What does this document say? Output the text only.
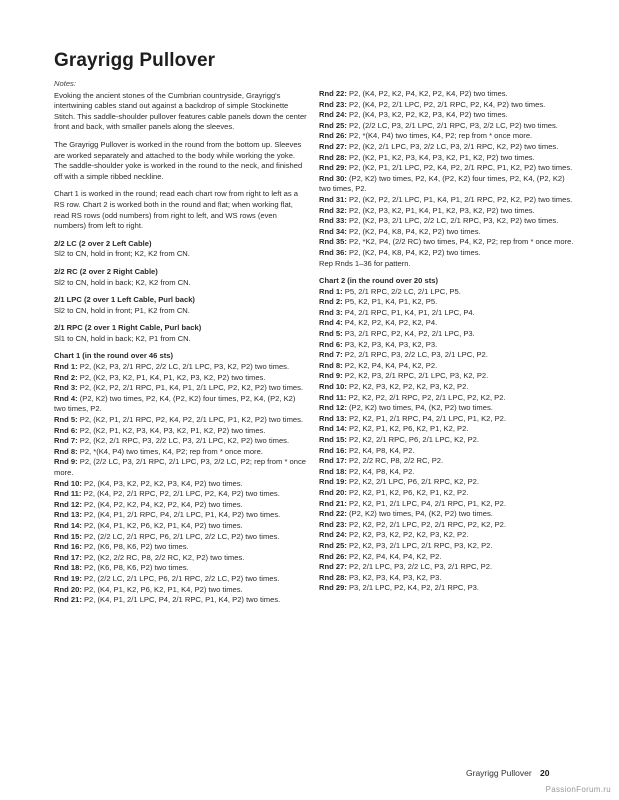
Grayrigg Pullover

Notes:

Evoking the ancient stones of the Cumbrian countryside, Grayrigg's intertwining cables stand out against a backdrop of simple Stockinette Stitch. This saddle-shoulder pullover features cable panels down the center front and back, with smaller panels along the sleeves.

The Grayrigg Pullover is worked in the round from the bottom up. Sleeves are worked separately and attached to the body while working the yoke. The saddle-shoulder yoke is worked in the round to the neck, and finished off with a simple ribbed neckline.

Chart 1 is worked in the round; read each chart row from right to left as a RS row. Chart 2 is worked both in the round and flat; when working flat, read RS rows (odd numbers) from right to left, and WS rows (even numbers) from left to right.

2/2 LC (2 over 2 Left Cable)
Sl2 to CN, hold in front; K2, K2 from CN.
2/2 RC (2 over 2 Right Cable)
Sl2 to CN, hold in back; K2, K2 from CN.
2/1 LPC (2 over 1 Left Cable, Purl back)
Sl2 to CN, hold in front; P1, K2 from CN.
2/1 RPC (2 over 1 Right Cable, Purl back)
Sl1 to CN, hold in back; K2, P1 from CN.
Chart 1 (in the round over 46 sts)
Rnd 1: P2, (K2, P3, 2/1 RPC, 2/2 LC, 2/1 LPC, P3, K2, P2) two times.
Rnd 2: P2, (K2, P3, K2, P1, K4, P1, K2, P3, K2, P2) two times.
Rnd 3: P2, (K2, P2, 2/1 RPC, P1, K4, P1, 2/1 LPC, P2, K2, P2) two times.
Rnd 4: (P2, K2) two times, P2, K4, (P2, K2) four times, P2, K4, (P2, K2) two times, P2.
Rnd 5: P2, (K2, P1, 2/1 RPC, P2, K4, P2, 2/1 LPC, P1, K2, P2) two times.
Rnd 6: P2, (K2, P1, K2, P3, K4, P3, K2, P1, K2, P2) two times.
Rnd 7: P2, (K2, 2/1 RPC, P3, 2/2 LC, P3, 2/1 LPC, K2, P2) two times.
Rnd 8: P2, *(K4, P4) two times, K4, P2; rep from * once more.
Rnd 9: P2, (2/2 LC, P3, 2/1 RPC, 2/1 LPC, P3, 2/2 LC, P2; rep from * once more.
Rnd 10: P2, (K4, P3, K2, P2, K2, P3, K4, P2) two times.
Rnd 11: P2, (K4, P2, 2/1 RPC, P2, 2/1 LPC, P2, K4, P2) two times.
Rnd 12: P2, (K4, P2, K2, P4, K2, P2, K4, P2) two times.
Rnd 13: P2, (K4, P1, 2/1 RPC, P4, 2/1 LPC, P1, K4, P2) two times.
Rnd 14: P2, (K4, P1, K2, P6, K2, P1, K4, P2) two times.
Rnd 15: P2, (2/2 LC, 2/1 RPC, P6, 2/1 LPC, 2/2 LC, P2) two times.
Rnd 16: P2, (K6, P8, K6, P2) two times.
Rnd 17: P2, (K2, 2/2 RC, P8, 2/2 RC, K2, P2) two times.
Rnd 18: P2, (K6, P8, K6, P2) two times.
Rnd 19: P2, (2/2 LC, 2/1 LPC, P6, 2/1 RPC, 2/2 LC, P2) two times.
Rnd 20: P2, (K4, P1, K2, P6, K2, P1, K4, P2) two times.
Rnd 21: P2, (K4, P1, 2/1 LPC, P4, 2/1 RPC, P1, K4, P2) two times.
Rnd 22: P2, (K4, P2, K2, P4, K2, P2, K4, P2) two times.
Rnd 23: P2, (K4, P2, 2/1 LPC, P2, 2/1 RPC, P2, K4, P2) two times.
Rnd 24: P2, (K4, P3, K2, P2, K2, P3, K4, P2) two times.
Rnd 25: P2, (2/2 LC, P3, 2/1 LPC, 2/1 RPC, P3, 2/2 LC, P2) two times.
Rnd 26: P2, *(K4, P4) two times, K4, P2; rep from * once more.
Rnd 27: P2, (K2, 2/1 LPC, P3, 2/2 LC, P3, 2/1 RPC, K2, P2) two times.
Rnd 28: P2, (K2, P1, K2, P3, K4, P3, K2, P1, K2, P2) two times.
Rnd 29: P2, (K2, P1, 2/1 LPC, P2, K4, P2, 2/1 RPC, P1, K2, P2) two times.
Rnd 30: (P2, K2) two times, P2, K4, (P2, K2) four times, P2, K4, (P2, K2) two times, P2.
Rnd 31: P2, (K2, P2, 2/1 LPC, P1, K4, P1, 2/1 RPC, P2, K2, P2) two times.
Rnd 32: P2, (K2, P3, K2, P1, K4, P1, K2, P3, K2, P2) two times.
Rnd 33: P2, (K2, P3, 2/1 LPC, 2/2 LC, 2/1 RPC, P3, K2, P2) two times.
Rnd 34: P2, (K2, P4, K8, P4, K2, P2) two times.
Rnd 35: P2, *K2, P4, (2/2 RC) two times, P4, K2, P2; rep from * once more.
Rnd 36: P2, (K2, P4, K8, P4, K2, P2) two times.
Rep Rnds 1–36 for pattern.
Chart 2 (in the round over 20 sts)
Rnd 1: P5, 2/1 RPC, 2/2 LC, 2/1 LPC, P5.
Rnd 2: P5, K2, P1, K4, P1, K2, P5.
Rnd 3: P4, 2/1 RPC, P1, K4, P1, 2/1 LPC, P4.
Rnd 4: P4, K2, P2, K4, P2, K2, P4.
Rnd 5: P3, 2/1 RPC, P2, K4, P2, 2/1 LPC, P3.
Rnd 6: P3, K2, P3, K4, P3, K2, P3.
Rnd 7: P2, 2/1 RPC, P3, 2/2 LC, P3, 2/1 LPC, P2.
Rnd 8: P2, K2, P4, K4, P4, K2, P2.
Rnd 9: P2, K2, P3, 2/1 RPC, 2/1 LPC, P3, K2, P2.
Rnd 10: P2, K2, P3, K2, P2, K2, P3, K2, P2.
Rnd 11: P2, K2, P2, 2/1 RPC, P2, 2/1 LPC, P2, K2, P2.
Rnd 12: (P2, K2) two times, P4, (K2, P2) two times.
Rnd 13: P2, K2, P1, 2/1 RPC, P4, 2/1 LPC, P1, K2, P2.
Rnd 14: P2, K2, P1, K2, P6, K2, P1, K2, P2.
Rnd 15: P2, K2, 2/1 RPC, P6, 2/1 LPC, K2, P2.
Rnd 16: P2, K4, P8, K4, P2.
Rnd 17: P2, 2/2 RC, P8, 2/2 RC, P2.
Rnd 18: P2, K4, P8, K4, P2.
Rnd 19: P2, K2, 2/1 LPC, P6, 2/1 RPC, K2, P2.
Rnd 20: P2, K2, P1, K2, P6, K2, P1, K2, P2.
Rnd 21: P2, K2, P1, 2/1 LPC, P4, 2/1 RPC, P1, K2, P2.
Rnd 22: (P2, K2) two times, P4, (K2, P2) two times.
Rnd 23: P2, K2, P2, 2/1 LPC, P2, 2/1 RPC, P2, K2, P2.
Rnd 24: P2, K2, P3, K2, P2, K2, P3, K2, P2.
Rnd 25: P2, K2, P3, 2/1 LPC, 2/1 RPC, P3, K2, P2.
Rnd 26: P2, K2, P4, K4, P4, K2, P2.
Rnd 27: P2, 2/1 LPC, P3, 2/2 LC, P3, 2/1 RPC, P2.
Rnd 28: P3, K2, P3, K4, P3, K2, P3.
Rnd 29: P3, 2/1 LPC, P2, K4, P2, 2/1 RPC, P3.
Grayrigg Pullover 20
PassionForum.ru
